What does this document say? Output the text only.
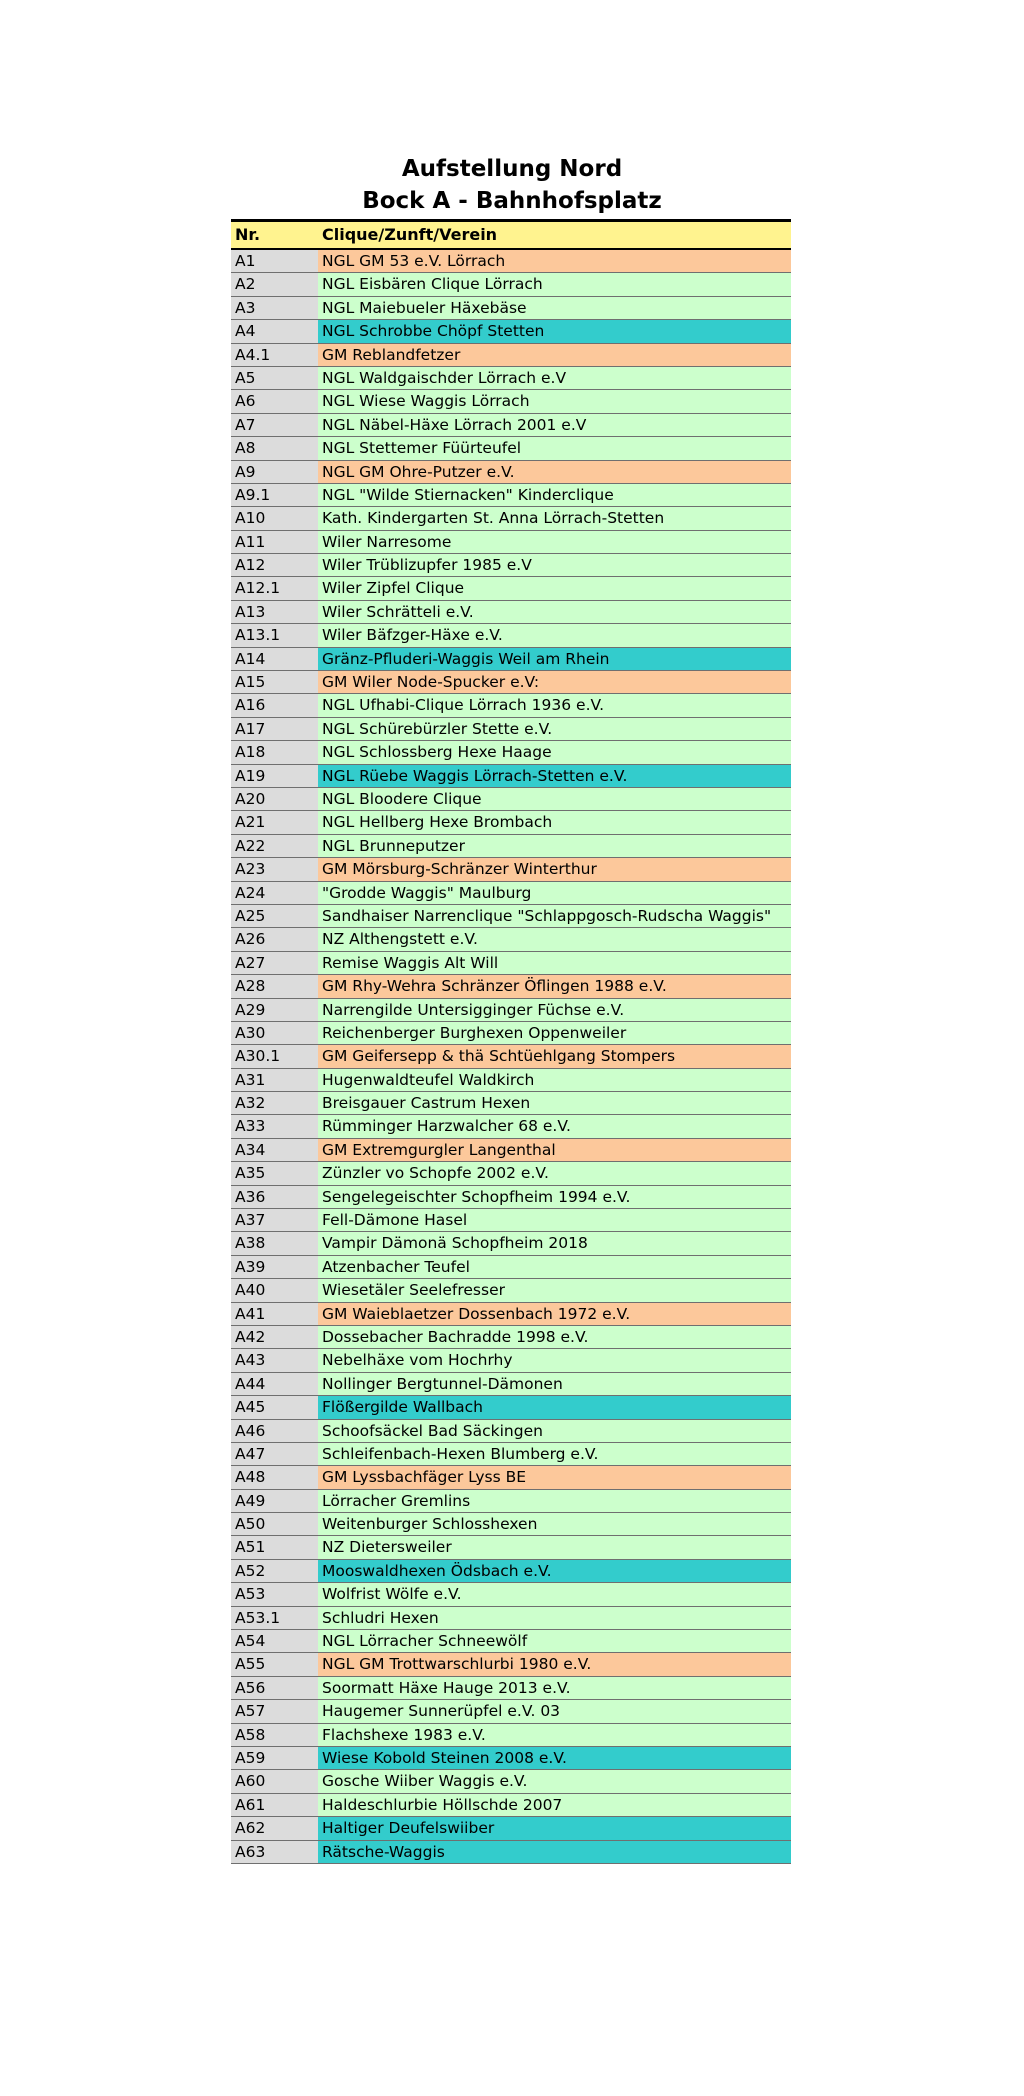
Aufstellung Nord
Bock A - Bahnhofsplatz
Nr.	Clique/Zunft/Verein
A1	NGL GM 53 e.V. Lörrach
A2	NGL Eisbären Clique Lörrach
A3	NGL Maiebueler Häxebäse
A4	NGL Schrobbe Chöpf Stetten
A4.1	GM Reblandfetzer
A5	NGL Waldgaischder Lörrach e.V
A6	NGL Wiese Waggis Lörrach
A7	NGL Näbel-Häxe Lörrach 2001 e.V
A8	NGL Stettemer Füürteufel
A9	NGL GM Ohre-Putzer e.V.
A9.1	NGL "Wilde Stiernacken" Kinderclique
A10	Kath. Kindergarten St. Anna Lörrach-Stetten
A11	Wiler Narresome
A12	Wiler Trüblizupfer 1985 e.V
A12.1	Wiler Zipfel Clique
A13	Wiler Schrätteli e.V.
A13.1	Wiler Bäfzger-Häxe e.V.
A14	Gränz-Pfluderi-Waggis Weil am Rhein
A15	GM Wiler Node-Spucker e.V:
A16	NGL Ufhabi-Clique Lörrach 1936 e.V.
A17	NGL Schürebürzler Stette e.V.
A18	NGL Schlossberg Hexe Haage
A19	NGL Rüebe Waggis Lörrach-Stetten e.V.
A20	NGL Bloodere Clique
A21	NGL Hellberg Hexe Brombach
A22	NGL Brunneputzer
A23	GM Mörsburg-Schränzer Winterthur
A24	"Grodde Waggis" Maulburg
A25	Sandhaiser Narrenclique "Schlappgosch-Rudscha Waggis"
A26	NZ Althengstett e.V.
A27	Remise Waggis Alt Will
A28	GM Rhy-Wehra Schränzer Öflingen 1988 e.V.
A29	Narrengilde Untersigginger Füchse e.V.
A30	Reichenberger Burghexen Oppenweiler
A30.1	GM Geifersepp & thä Schtüehlgang Stompers
A31	Hugenwaldteufel Waldkirch
A32	Breisgauer Castrum Hexen
A33	Rümminger Harzwalcher 68 e.V.
A34	GM Extremgurgler Langenthal
A35	Zünzler vo Schopfe 2002 e.V.
A36	Sengelegeischter Schopfheim 1994 e.V.
A37	Fell-Dämone Hasel
A38	Vampir Dämonä Schopfheim 2018
A39	Atzenbacher Teufel
A40	Wiesetäler Seelefresser
A41	GM Waieblaetzer Dossenbach 1972 e.V.
A42	Dossebacher Bachradde 1998 e.V.
A43	Nebelhäxe vom Hochrhy
A44	Nollinger Bergtunnel-Dämonen
A45	Flößergilde Wallbach
A46	Schoofsäckel Bad Säckingen
A47	Schleifenbach-Hexen Blumberg e.V.
A48	GM Lyssbachfäger Lyss BE
A49	Lörracher Gremlins
A50	Weitenburger Schlosshexen
A51	NZ Dietersweiler
A52	Mooswaldhexen Ödsbach e.V.
A53	Wolfrist Wölfe e.V.
A53.1	Schludri Hexen
A54	NGL Lörracher Schneewölf
A55	NGL GM Trottwarschlurbi 1980 e.V.
A56	Soormatt Häxe Hauge 2013 e.V.
A57	Haugemer Sunnerüpfel e.V. 03
A58	Flachshexe 1983 e.V.
A59	Wiese Kobold Steinen 2008 e.V.
A60	Gosche Wiiber Waggis e.V.
A61	Haldeschlurbie Höllschde 2007
A62	Haltiger Deufelswiiber
A63	Rätsche-Waggis
